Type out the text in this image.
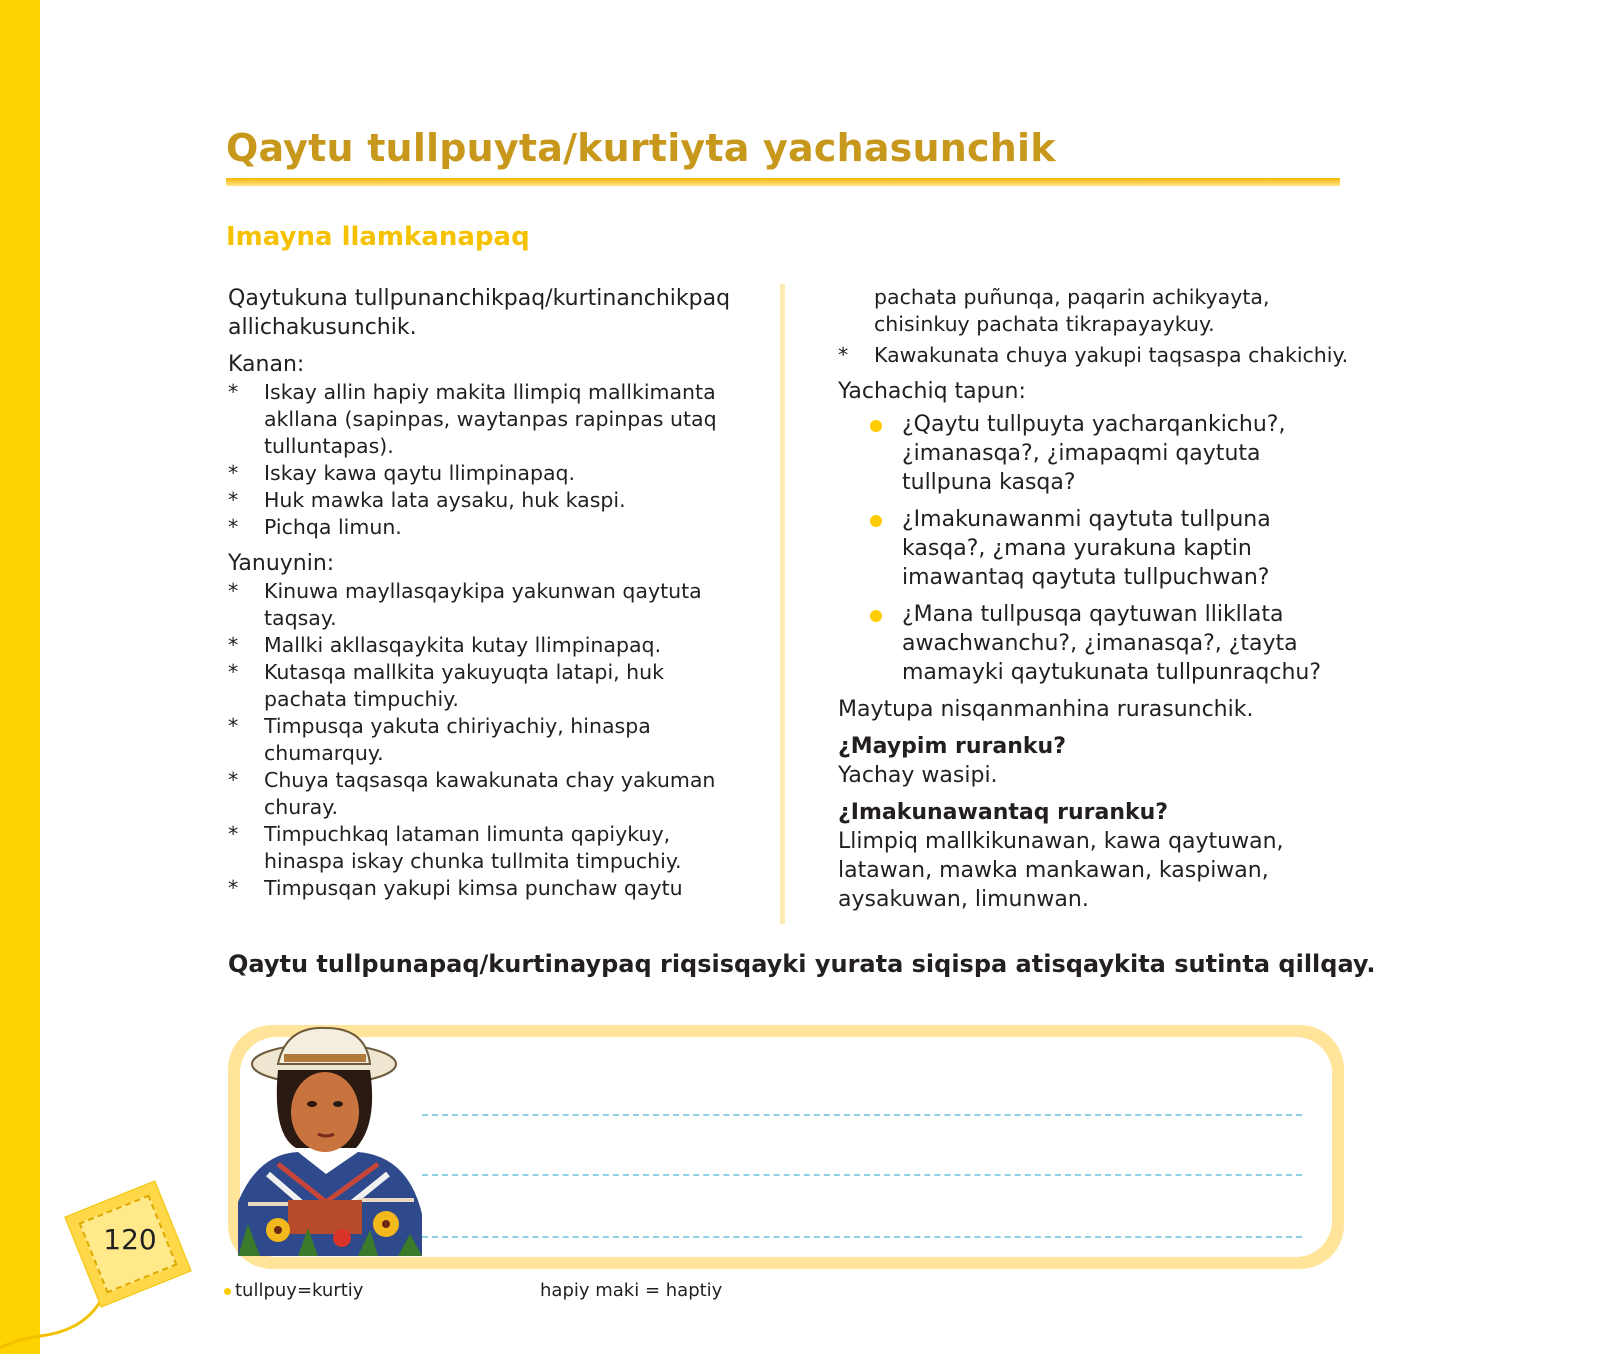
Qaytu tullpuyta/kurtiyta yachasunchik
Imayna llamkanapaq

Qaytukuna tullpunanchikpaq/kurtinanchikpaq
allichakusunchik.

Kanan:

* Iskay allin hapiy makita llimpiq mallkimanta
akllana (sapinpas, waytanpas rapinpas utaq
tulluntapas).
* Iskay kawa qaytu llimpinapaq.
* Huk mawka lata aysaku, huk kaspi.
* Pichqa limun.

Yanuynin:

* Kinuwa mayllasqaykipa yakunwan qaytuta
taqsay.
* Mallki akllasqaykita kutay llimpinapaq.
* Kutasqa mallkita yakuyuqta latapi, huk
pachata timpuchiy.
* Timpusqa yakuta chiriyachiy, hinaspa
chumarquy.
* Chuya taqsasqa kawakunata chay yakuman
churay.
* Timpuchkaq lataman limunta qapiykuy,
hinaspa iskay chunka tullmita timpuchiy.
* Timpusqan yakupi kimsa punchaw qaytu

pachata puñunqa, paqarin achikyayta,
chisinkuy pachata tikrapayaykuy.

* Kawakunata chuya yakupi taqsaspa chakichiy.

Yachachiq tapun:

¿Qaytu tullpuyta yacharqankichu?,
¿imanasqa?, ¿imapaqmi qaytuta
tullpuna kasqa?
¿Imakunawanmi qaytuta tullpuna
kasqa?, ¿mana yurakuna kaptin
imawantaq qaytuta tullpuchwan?
¿Mana tullpusqa qaytuwan llikllata
awachwanchu?, ¿imanasqa?, ¿tayta
mamayki qaytukunata tullpunraqchu?

Maytupa nisqanmanhina rurasunchik.

¿Maypim ruranku?

Yachay wasipi.

¿Imakunawantaq ruranku?

Llimpiq mallkikunawan, kawa qaytuwan,
latawan, mawka mankawan, kaspiwan,
aysakuwan, limunwan.

Qaytu tullpunapaq/kurtinaypaq riqsisqayki yurata siqispa atisqaykita sutinta qillqay.

tullpuy=kurtiy	hapiy maki = haptiy
120
